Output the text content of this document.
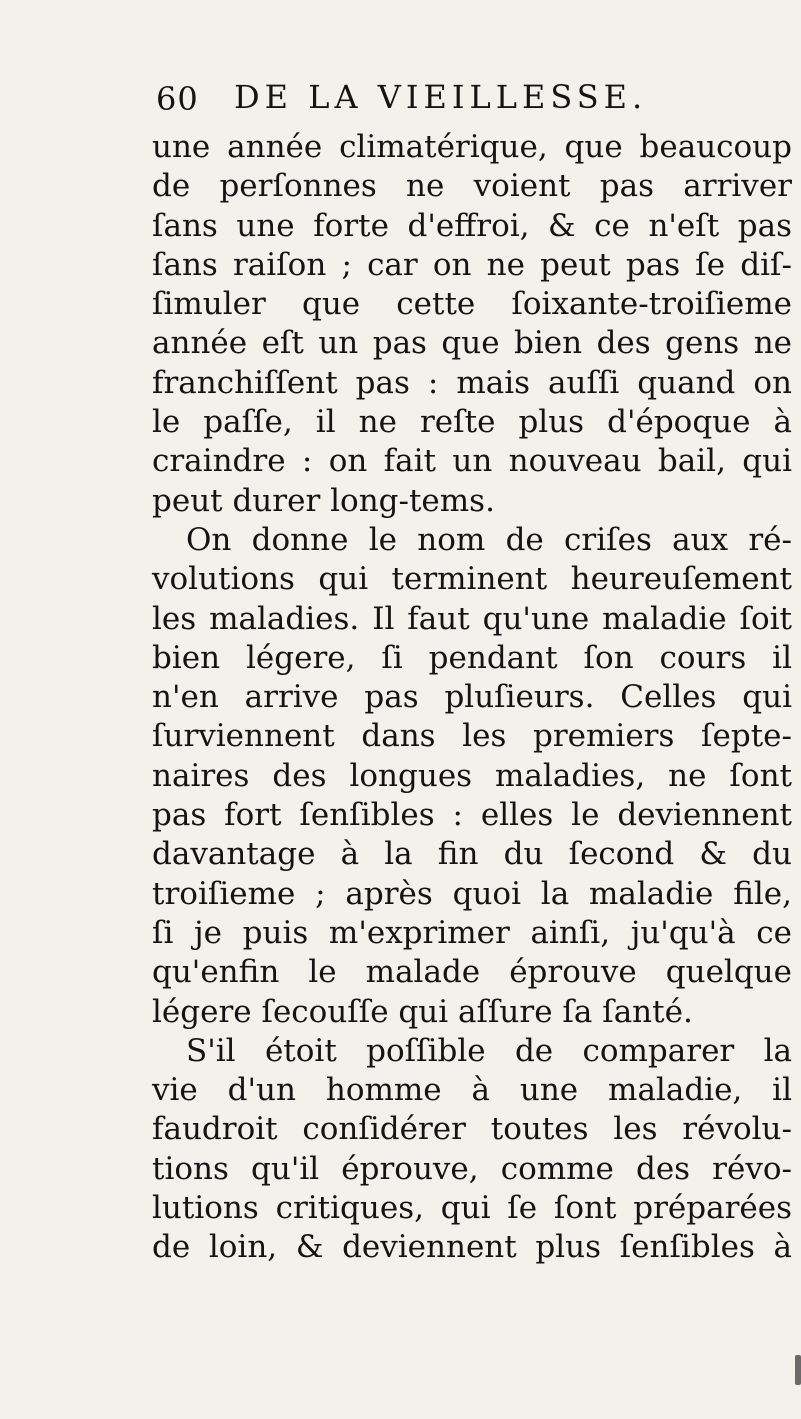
60 DE LA VIEILLESSE.
une année climatérique, que beaucoup
de perſonnes ne voient pas arriver
ſans une forte d'effroi, & ce n'eſt pas
ſans raiſon ; car on ne peut pas ſe diſ-
ſimuler que cette ſoixante-troiſieme
année eſt un pas que bien des gens ne
franchiſſent pas : mais auſſi quand on
le paſſe, il ne reſte plus d'époque à
craindre : on fait un nouveau bail, qui
peut durer long-tems.
On donne le nom de criſes aux ré-
volutions qui terminent heureuſement
les maladies. Il faut qu'une maladie ſoit
bien légere, ſi pendant ſon cours il
n'en arrive pas pluſieurs. Celles qui
ſurviennent dans les premiers ſepte-
naires des longues maladies, ne ſont
pas fort ſenſibles : elles le deviennent
davantage à la fin du ſecond & du
troiſieme ; après quoi la maladie file,
ſi je puis m'exprimer ainſi, ju'qu'à ce
qu'enfin le malade éprouve quelque
légere ſecouſſe qui aſſure ſa ſanté.
S'il étoit poſſible de comparer la
vie d'un homme à une maladie, il
faudroit conſidérer toutes les révolu-
tions qu'il éprouve, comme des révo-
lutions critiques, qui ſe ſont préparées
de loin, & deviennent plus ſenſibles à
